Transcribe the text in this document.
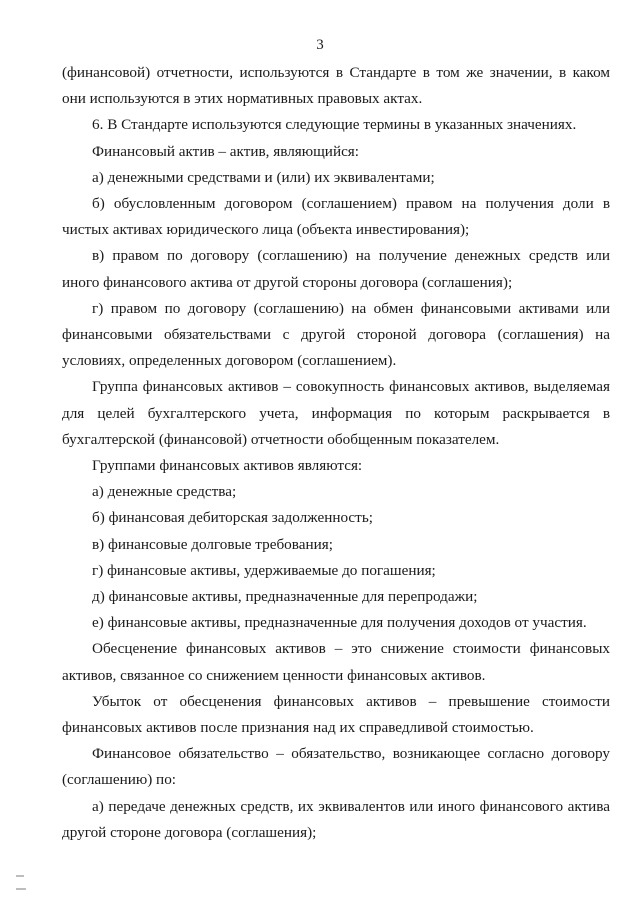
3

(финансовой) отчетности, используются в Стандарте в том же значении, в каком они используются в этих нормативных правовых актах.

6. В Стандарте используются следующие термины в указанных значениях.

Финансовый актив – актив, являющийся:

а) денежными средствами и (или) их эквивалентами;

б) обусловленным договором (соглашением) правом на получения доли в чистых активах юридического лица (объекта инвестирования);

в) правом по договору (соглашению) на получение денежных средств или иного финансового актива от другой стороны договора (соглашения);

г) правом по договору (соглашению) на обмен финансовыми активами или финансовыми обязательствами с другой стороной договора (соглашения) на условиях, определенных договором (соглашением).

Группа финансовых активов – совокупность финансовых активов, выделяемая для целей бухгалтерского учета, информация по которым раскрывается в бухгалтерской (финансовой) отчетности обобщенным показателем.

Группами финансовых активов являются:

а) денежные средства;

б) финансовая дебиторская задолженность;

в) финансовые долговые требования;

г) финансовые активы, удерживаемые до погашения;

д) финансовые активы, предназначенные для перепродажи;

е) финансовые активы, предназначенные для получения доходов от участия.

Обесценение финансовых активов – это снижение стоимости финансовых активов, связанное со снижением ценности финансовых активов.

Убыток от обесценения финансовых активов – превышение стоимости финансовых активов после признания над их справедливой стоимостью.

Финансовое обязательство – обязательство, возникающее согласно договору (соглашению) по:

а) передаче денежных средств, их эквивалентов или иного финансового актива другой стороне договора (соглашения);
